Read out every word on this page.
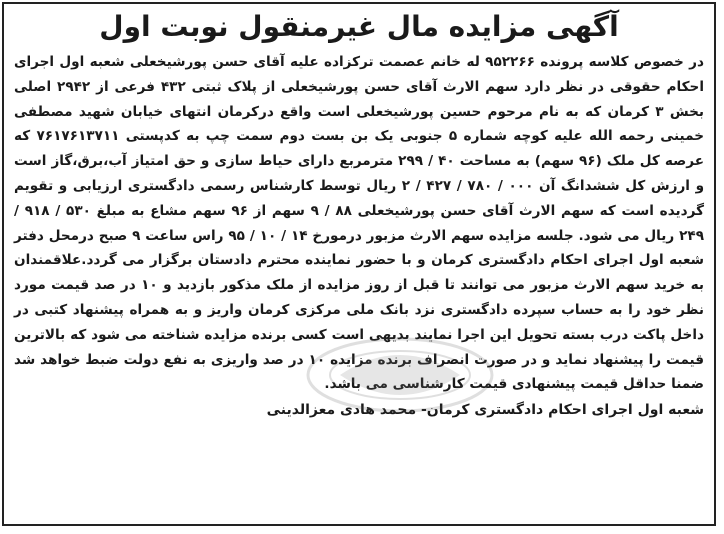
آگهی مزایده مال غیرمنقول نوبت اول

در خصوص کلاسه پرونده ۹۵۲۲۶۶ له خانم عصمت ترکزاده علیه آقای حسن پورشیخعلی شعبه اول اجرای احکام حقوقی در نظر دارد سهم الارث آقای حسن پورشیخعلی از پلاک ثبتی ۴۳۲ فرعی از ۲۹۴۲ اصلی بخش ۳ کرمان که به نام مرحوم حسین پورشیخعلی است واقع درکرمان انتهای خیابان شهید مصطفی خمینی رحمه الله علیه کوچه شماره ۵ جنوبی یک بن بست دوم سمت چپ به کدپستی ۷۶۱۷۶۱۳۷۱۱ که عرصه کل ملک (۹۶ سهم) به مساحت ۴۰ / ۲۹۹ مترمربع دارای حیاط سازی و حق امتیاز آب،برق،گاز است و ارزش کل ششدانگ آن ۰۰۰ / ۷۸۰ / ۴۲۷ / ۲ ریال توسط کارشناس رسمی دادگستری ارزیابی و تقویم گردیده است که سهم الارث آقای حسن پورشیخعلی ۸۸ / ۹ سهم از ۹۶ سهم مشاع به مبلغ ۵۳۰ / ۹۱۸ / ۲۴۹ ریال می شود. جلسه مزایده سهم الارث مزبور درمورخ ۱۴ / ۱۰ / ۹۵ راس ساعت ۹ صبح درمحل دفتر شعبه اول اجرای احکام دادگستری کرمان و با حضور نماینده محترم دادستان برگزار می گردد.علاقمندان به خرید سهم الارث مزبور می توانند تا قبل از روز مزایده از ملک مذکور بازدید و ۱۰ در صد قیمت مورد نظر خود را به حساب سپرده دادگستری نزد بانک ملی مرکزی کرمان واریز و به همراه پیشنهاد کتبی در داخل پاکت درب بسته تحویل این اجرا نمایند بدیهی است کسی برنده مزایده شناخته می شود که بالاترین قیمت را پیشنهاد نماید و در صورت انصراف برنده مزایده ۱۰ در صد واریزی به نفع دولت ضبط خواهد شد ضمنا حداقل قیمت پیشنهادی قیمت کارشناسی می باشد.

شعبه اول اجرای احکام دادگستری کرمان- محمد هادی معزالدینی
